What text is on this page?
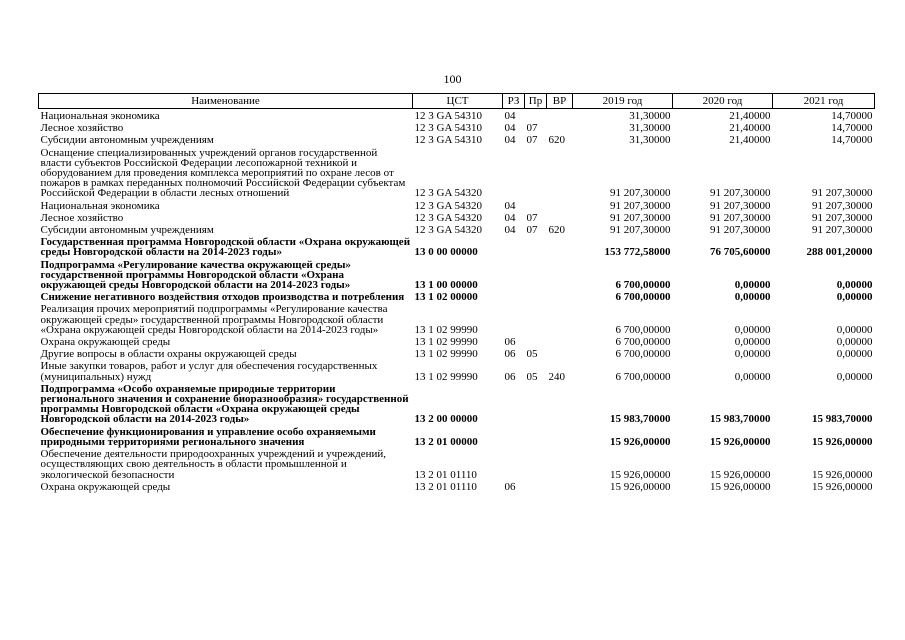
100
Наименование	ЦСТ	РЗ	Пр	ВР	2019 год	2020 год	2021 год
Национальная экономика	12 3 GA 54310	04			31,30000	21,40000	14,70000
Лесное хозяйство	12 3 GA 54310	04	07		31,30000	21,40000	14,70000
Субсидии автономным учреждениям	12 3 GA 54310	04	07	620	31,30000	21,40000	14,70000
Оснащение специализированных учреждений органов государственной власти субъектов Российской Федерации лесопожарной техникой и оборудованием для проведения комплекса мероприятий по охране лесов от пожаров в рамках переданных полномочий Российской Федерации субъектам Российской Федерации в области лесных отношений	12 3 GA 54320				91 207,30000	91 207,30000	91 207,30000
Национальная экономика	12 3 GA 54320	04			91 207,30000	91 207,30000	91 207,30000
Лесное хозяйство	12 3 GA 54320	04	07		91 207,30000	91 207,30000	91 207,30000
Субсидии автономным учреждениям	12 3 GA 54320	04	07	620	91 207,30000	91 207,30000	91 207,30000
Государственная программа Новгородской области «Охрана окружающей среды Новгородской области на 2014-2023 годы»	13 0 00 00000				153 772,58000	76 705,60000	288 001,20000
Подпрограмма «Регулирование качества окружающей среды» государственной программы Новгородской области «Охрана окружающей среды Новгородской области на 2014-2023 годы»	13 1 00 00000				6 700,00000	0,00000	0,00000
Снижение негативного воздействия отходов производства и потребления	13 1 02 00000				6 700,00000	0,00000	0,00000
Реализация прочих мероприятий подпрограммы «Регулирование качества окружающей среды» государственной программы Новгородской области «Охрана окружающей среды Новгородской области на 2014-2023 годы»	13 1 02 99990				6 700,00000	0,00000	0,00000
Охрана окружающей среды	13 1 02 99990	06			6 700,00000	0,00000	0,00000
Другие вопросы в области охраны окружающей среды	13 1 02 99990	06	05		6 700,00000	0,00000	0,00000
Иные закупки товаров, работ и услуг для обеспечения государственных (муниципальных) нужд	13 1 02 99990	06	05	240	6 700,00000	0,00000	0,00000
Подпрограмма «Особо охраняемые природные территории регионального значения и сохранение биоразнообразия» государственной программы Новгородской области «Охрана окружающей среды Новгородской области на 2014-2023 годы»	13 2 00 00000				15 983,70000	15 983,70000	15 983,70000
Обеспечение функционирования и управление особо охраняемыми природными территориями регионального значения	13 2 01 00000				15 926,00000	15 926,00000	15 926,00000
Обеспечение деятельности природоохранных учреждений и учреждений, осуществляющих свою деятельность в области промышленной и экологической безопасности	13 2 01 01110				15 926,00000	15 926,00000	15 926,00000
Охрана окружающей среды	13 2 01 01110	06			15 926,00000	15 926,00000	15 926,00000
